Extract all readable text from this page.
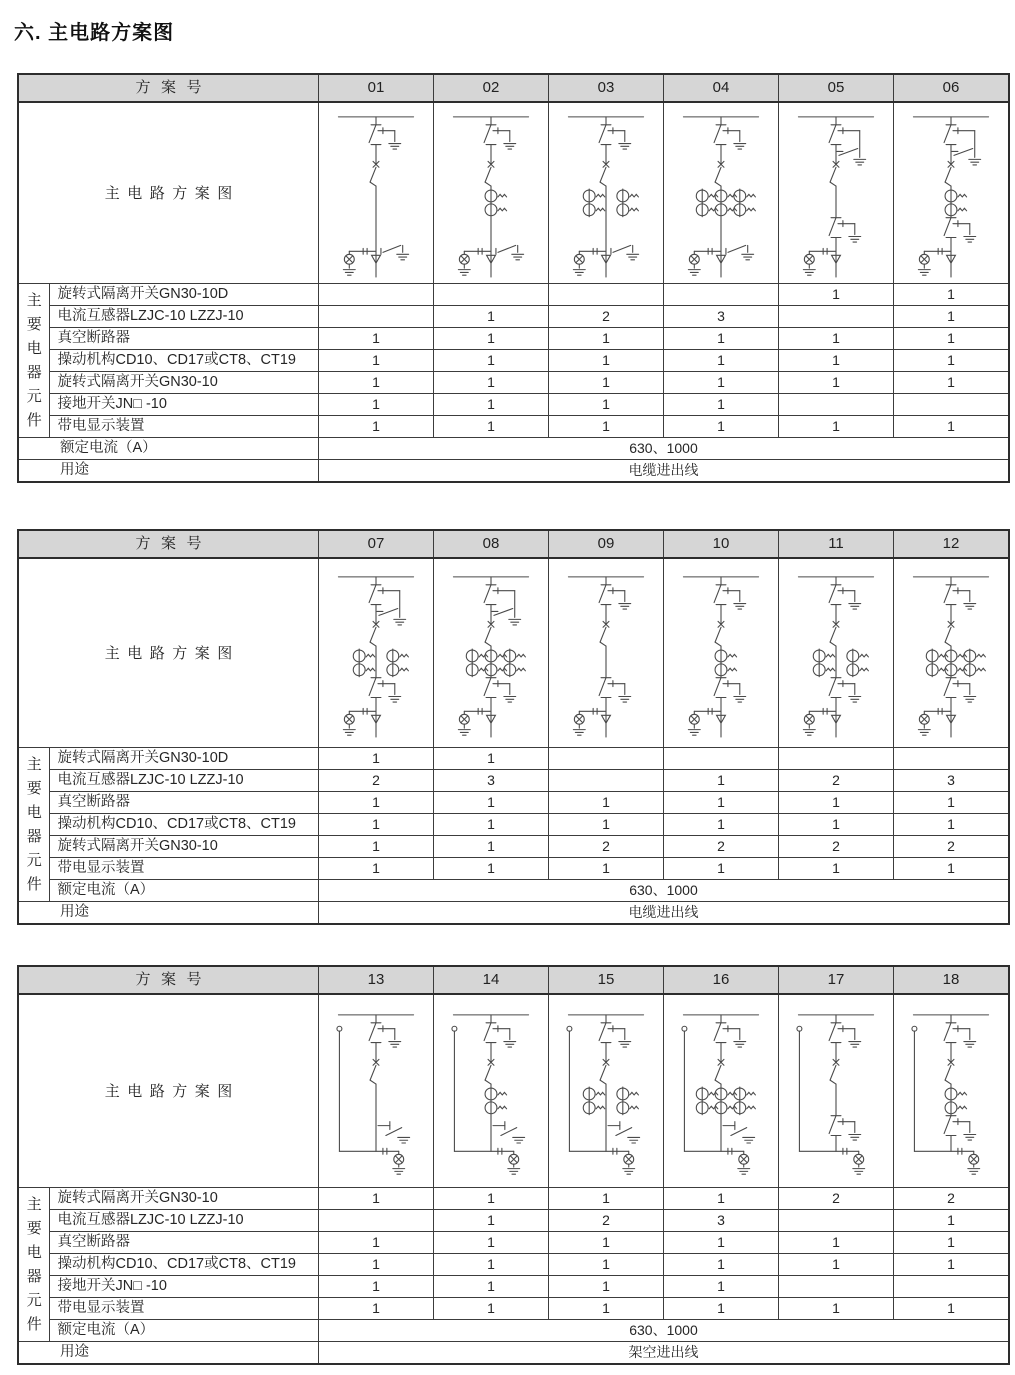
六. 主电路方案图
方案号		01	02	03	04	05	06
主电路方案图	

主
要
电
器
元
件
	旋转式隔离开关GN30-10D					1	1
	电流互感器LZJC-10 LZZJ-10		1	2	3		1
	真空断路器	1	1	1	1	1	1
	操动机构CD10、CD17或CT8、CT19	1	1	1	1	1	1
	旋转式隔离开关GN30-10	1	1	1	1	1	1
	接地开关JN□ -10	1	1	1	1		
	带电显示装置	1	1	1	1	1	1
额定电流（A）		630、1000					
用途		电缆进出线					
方案号		07	08	09	10	11	12
主电路方案图	

主
要
电
器
元
件
	旋转式隔离开关GN30-10D	1	1				
	电流互感器LZJC-10 LZZJ-10	2	3		1	2	3
	真空断路器	1	1	1	1	1	1
	操动机构CD10、CD17或CT8、CT19	1	1	1	1	1	1
	旋转式隔离开关GN30-10	1	1	2	2	2	2
	带电显示装置	1	1	1	1	1	1
	额定电流（A）	630、1000					
用途		电缆进出线					
方案号		13	14	15	16	17	18
主电路方案图	

主
要
电
器
元
件
	旋转式隔离开关GN30-10	1	1	1	1	2	2
	电流互感器LZJC-10 LZZJ-10		1	2	3		1
	真空断路器	1	1	1	1	1	1
	操动机构CD10、CD17或CT8、CT19	1	1	1	1	1	1
	接地开关JN□ -10	1	1	1	1		
	带电显示装置	1	1	1	1	1	1
	额定电流（A）	630、1000					
用途		架空进出线					
